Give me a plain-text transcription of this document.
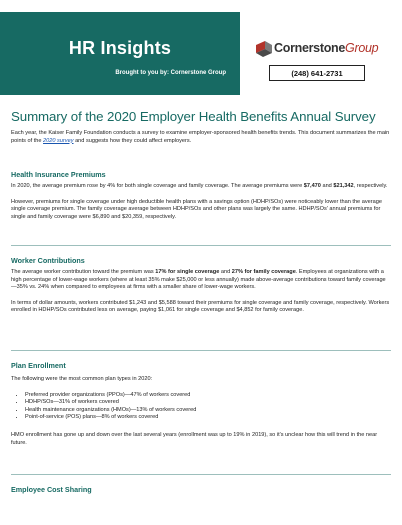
HR Insights
Brought to you by: Cornerstone Group
CornerstoneGroup
(248) 641-2731
Summary of the 2020 Employer Health Benefits Annual Survey

Each year, the Kaiser Family Foundation conducts a survey to examine employer-sponsored health benefits trends. This document summarizes the main points of the 2020 survey and suggests how they could affect employers.

Health Insurance Premiums

In 2020, the average premium rose by 4% for both single coverage and family coverage. The average premiums were $7,470 and $21,342, respectively.

However, premiums for single coverage under high deductible health plans with a savings option (HDHP/SOs) were noticeably lower than the average single coverage premium. The family coverage average between HDHP/SOs and other plans was largely the same. HDHP/SOs' annual premiums for single and family coverage were $6,890 and $20,359, respectively.

Worker Contributions

The average worker contribution toward the premium was 17% for single coverage and 27% for family coverage. Employees at organizations with a high percentage of lower-wage workers (where at least 35% make $25,000 or less annually) made above-average contributions toward family coverage—35% vs. 24% when compared to employees at firms with a smaller share of lower-wage workers.

In terms of dollar amounts, workers contributed $1,243 and $5,588 toward their premiums for single coverage and family coverage, respectively. Workers enrolled in HDHP/SOs contributed less on average, paying $1,061 for single coverage and $4,852 for family coverage.

Plan Enrollment

The following were the most common plan types in 2020:

• Preferred provider organizations (PPOs)—47% of workers covered
• HDHP/SOs—31% of workers covered
• Health maintenance organizations (HMOs)—13% of workers covered
• Point-of-service (POS) plans—8% of workers covered

HMO enrollment has gone up and down over the last several years (enrollment was up to 19% in 2019), so it's unclear how this will trend in the near future.

Employee Cost Sharing
